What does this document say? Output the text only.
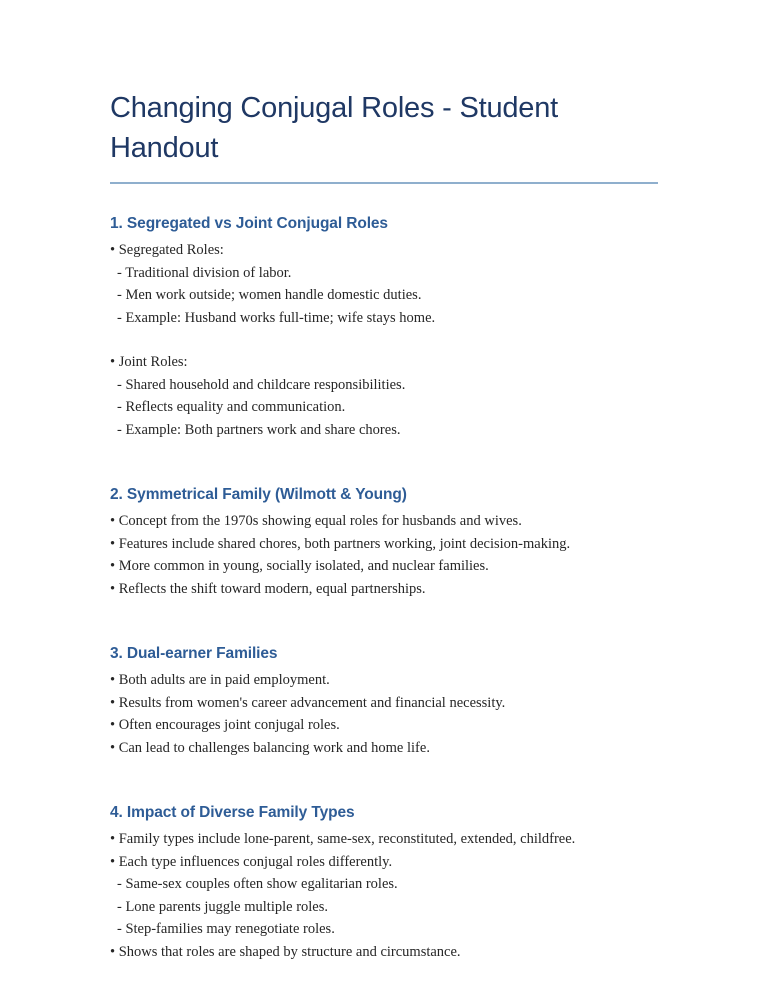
Changing Conjugal Roles - Student Handout
1. Segregated vs Joint Conjugal Roles

• Segregated Roles:

- Traditional division of labor.

- Men work outside; women handle domestic duties.

- Example: Husband works full-time; wife stays home.

• Joint Roles:

- Shared household and childcare responsibilities.

- Reflects equality and communication.

- Example: Both partners work and share chores.

2. Symmetrical Family (Wilmott & Young)

• Concept from the 1970s showing equal roles for husbands and wives.

• Features include shared chores, both partners working, joint decision-making.

• More common in young, socially isolated, and nuclear families.

• Reflects the shift toward modern, equal partnerships.

3. Dual-earner Families

• Both adults are in paid employment.

• Results from women's career advancement and financial necessity.

• Often encourages joint conjugal roles.

• Can lead to challenges balancing work and home life.

4. Impact of Diverse Family Types

• Family types include lone-parent, same-sex, reconstituted, extended, childfree.

• Each type influences conjugal roles differently.

- Same-sex couples often show egalitarian roles.

- Lone parents juggle multiple roles.

- Step-families may renegotiate roles.

• Shows that roles are shaped by structure and circumstance.
